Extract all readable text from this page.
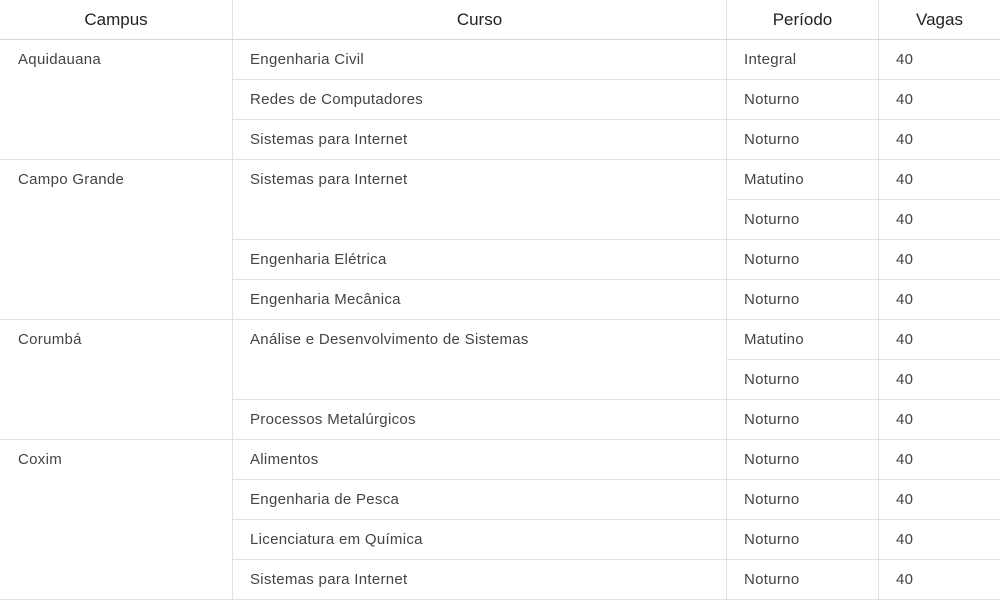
Campus	Curso	Período	Vagas
Aquidauana	Engenharia Civil	Integral	40
	Redes de Computadores	Noturno	40
	Sistemas para Internet	Noturno	40
Campo Grande	Sistemas para Internet	Matutino	40
		Noturno	40
	Engenharia Elétrica	Noturno	40
	Engenharia Mecânica	Noturno	40
Corumbá	Análise e Desenvolvimento de Sistemas	Matutino	40
		Noturno	40
	Processos Metalúrgicos	Noturno	40
Coxim	Alimentos	Noturno	40
	Engenharia de Pesca	Noturno	40
	Licenciatura em Química	Noturno	40
	Sistemas para Internet	Noturno	40
